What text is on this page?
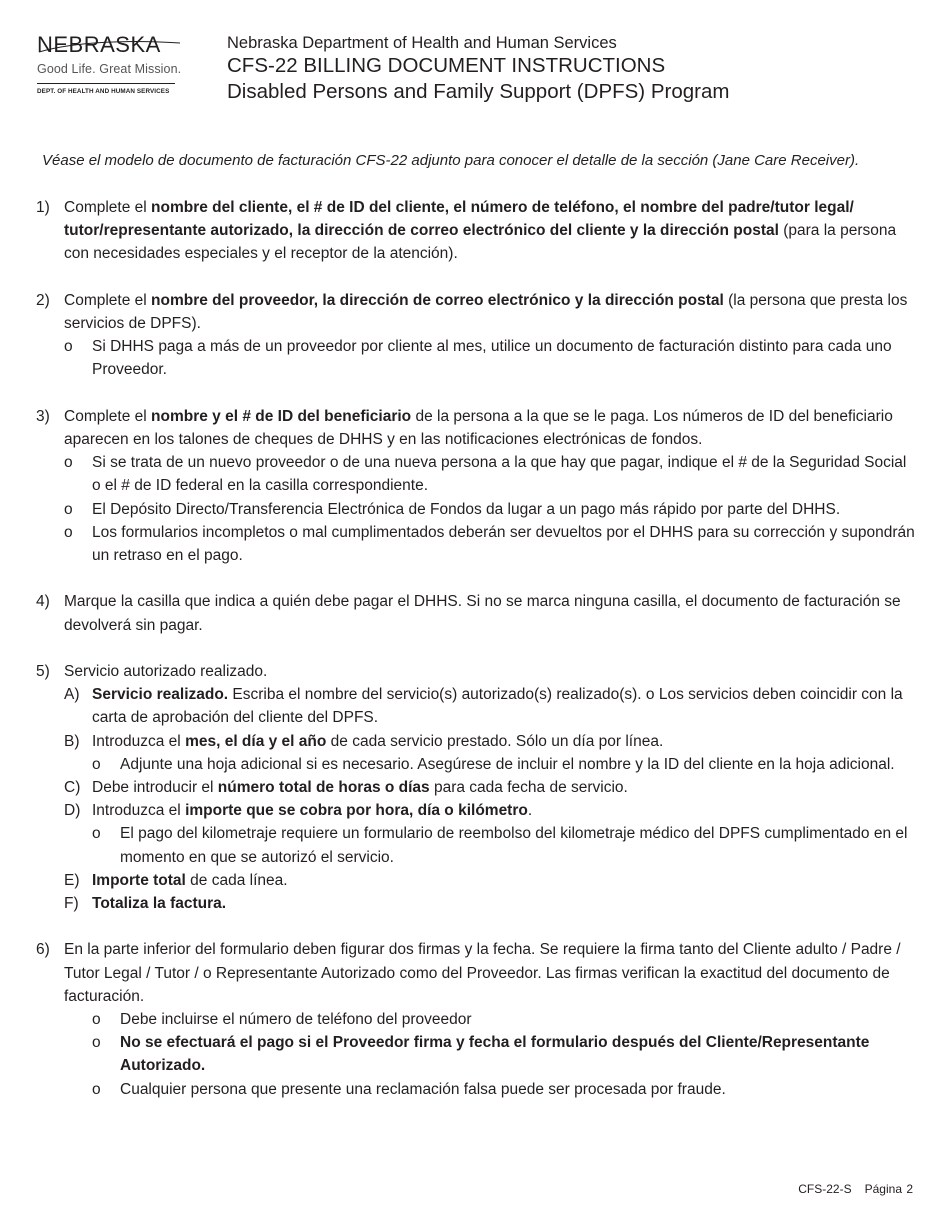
NEBRASKA
Good Life. Great Mission.
DEPT. OF HEALTH AND HUMAN SERVICES
Nebraska Department of Health and Human Services
CFS-22 BILLING DOCUMENT INSTRUCTIONS
Disabled Persons and Family Support (DPFS) Program
Véase el modelo de documento de facturación CFS-22 adjunto para conocer el detalle de la sección (Jane Care Receiver).
1) Complete el nombre del cliente, el # de ID del cliente, el número de teléfono, el nombre del padre/tutor legal/ tutor/representante autorizado, la dirección de correo electrónico del cliente y la dirección postal (para la persona con necesidades especiales y el receptor de la atención).
2) Complete el nombre del proveedor, la dirección de correo electrónico y la dirección postal (la persona que presta los servicios de DPFS).
o	Si DHHS paga a más de un proveedor por cliente al mes, utilice un documento de facturación distinto para cada uno Proveedor.
3) Complete el nombre y el # de ID del beneficiario de la persona a la que se le paga. Los números de ID del beneficiario aparecen en los talones de cheques de DHHS y en las notificaciones electrónicas de fondos.
o	Si se trata de un nuevo proveedor o de una nueva persona a la que hay que pagar, indique el # de la Seguridad Social o el # de ID federal en la casilla correspondiente.
o	El Depósito Directo/Transferencia Electrónica de Fondos da lugar a un pago más rápido por parte del DHHS.
o	Los formularios incompletos o mal cumplimentados deberán ser devueltos por el DHHS para su corrección y supondrán un retraso en el pago.
4) Marque la casilla que indica a quién debe pagar el DHHS. Si no se marca ninguna casilla, el documento de facturación se devolverá sin pagar.
5) Servicio autorizado realizado.
A) Servicio realizado. Escriba el nombre del servicio(s) autorizado(s) realizado(s). o Los servicios deben coincidir con la carta de aprobación del cliente del DPFS.
B) Introduzca el mes, el día y el año de cada servicio prestado. Sólo un día por línea.
o	Adjunte una hoja adicional si es necesario. Asegúrese de incluir el nombre y la ID del cliente en la hoja adicional.
C) Debe introducir el número total de horas o días para cada fecha de servicio.
D) Introduzca el importe que se cobra por hora, día o kilómetro.
o	El pago del kilometraje requiere un formulario de reembolso del kilometraje médico del DPFS cumplimentado en el momento en que se autorizó el servicio.
E) Importe total de cada línea.
F) Totaliza la factura.
6) En la parte inferior del formulario deben figurar dos firmas y la fecha. Se requiere la firma tanto del Cliente adulto / Padre / Tutor Legal / Tutor / o Representante Autorizado como del Proveedor. Las firmas verifican la exactitud del documento de facturación.
o	Debe incluirse el número de teléfono del proveedor
o	No se efectuará el pago si el Proveedor firma y fecha el formulario después del Cliente/Representante Autorizado.
o	Cualquier persona que presente una reclamación falsa puede ser procesada por fraude.
CFS-22-S Página 2
